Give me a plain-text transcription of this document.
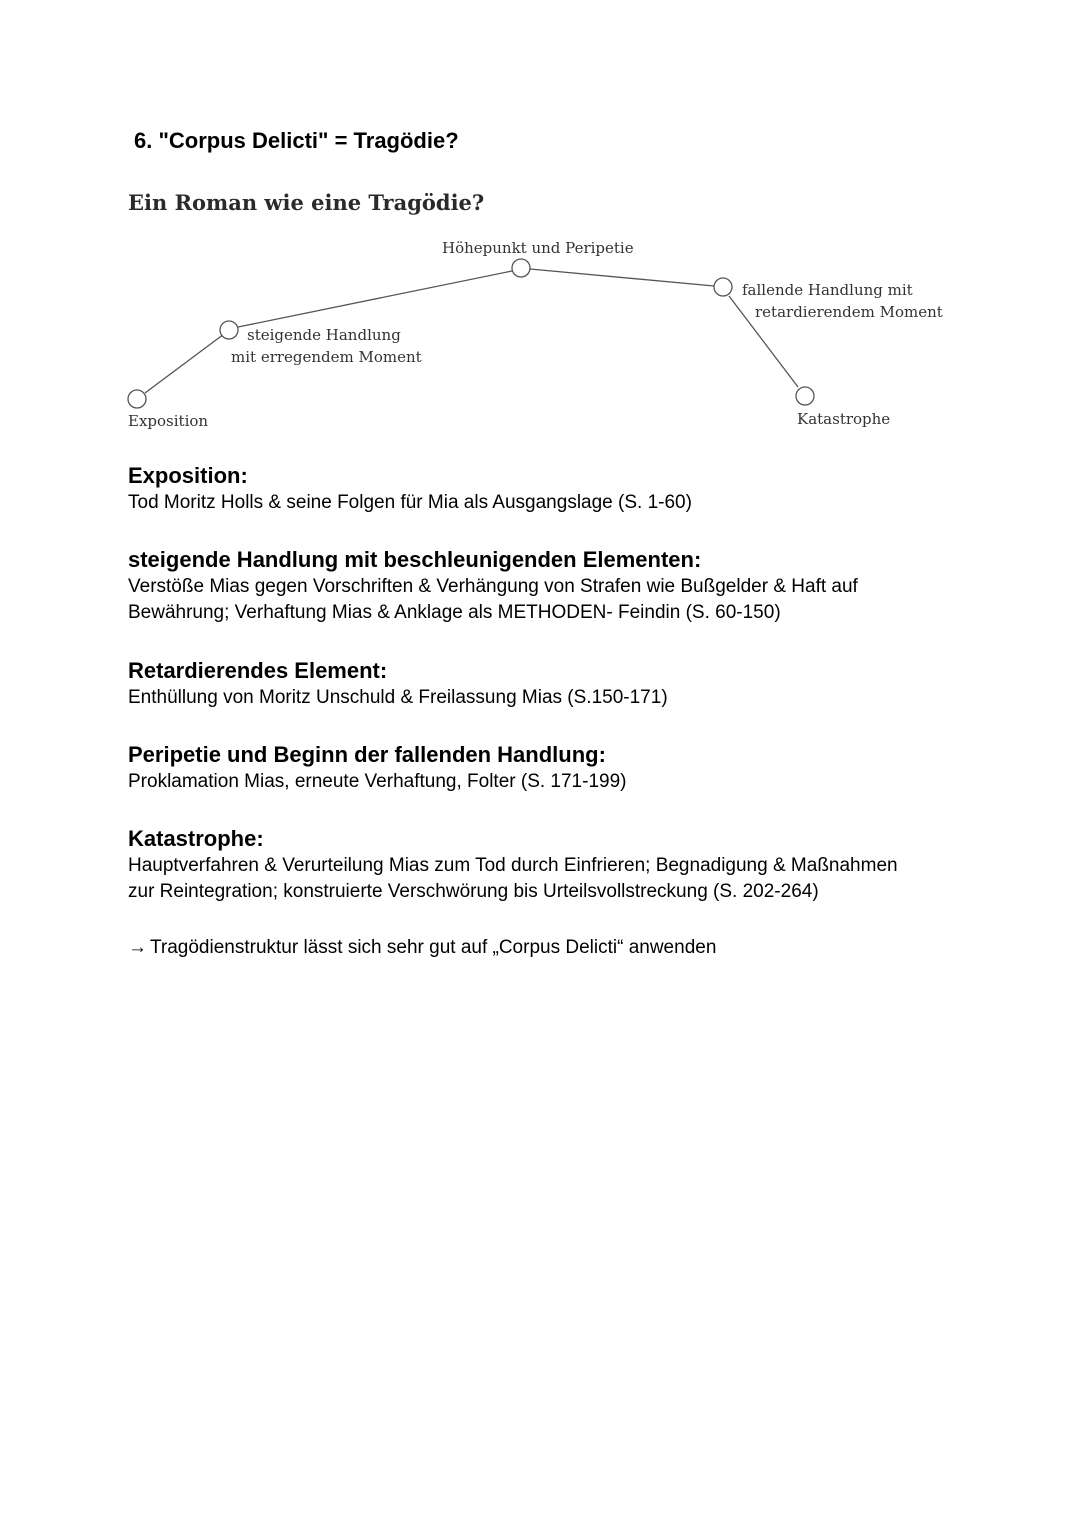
6. "Corpus Delicti" = Tragödie?
Ein Roman wie eine Tragödie?
Exposition
steigende Handlung
mit erregendem Moment
Höhepunkt und Peripetie
fallende Handlung mit
retardierendem Moment
Katastrophe
Exposition:

Tod Moritz Holls & seine Folgen für Mia als Ausgangslage (S. 1-60)

steigende Handlung mit beschleunigenden Elementen:

Verstöße Mias gegen Vorschriften & Verhängung von Strafen wie Bußgelder & Haft auf

Bewährung; Verhaftung Mias & Anklage als METHODEN- Feindin (S. 60-150)

Retardierendes Element:

Enthüllung von Moritz Unschuld & Freilassung Mias (S.150-171)

Peripetie und Beginn der fallenden Handlung:

Proklamation Mias, erneute Verhaftung, Folter (S. 171-199)

Katastrophe:

Hauptverfahren & Verurteilung Mias zum Tod durch Einfrieren; Begnadigung & Maßnahmen

zur Reintegration; konstruierte Verschwörung bis Urteilsvollstreckung (S. 202-264)

→ Tragödienstruktur lässt sich sehr gut auf „Corpus Delicti“ anwenden
